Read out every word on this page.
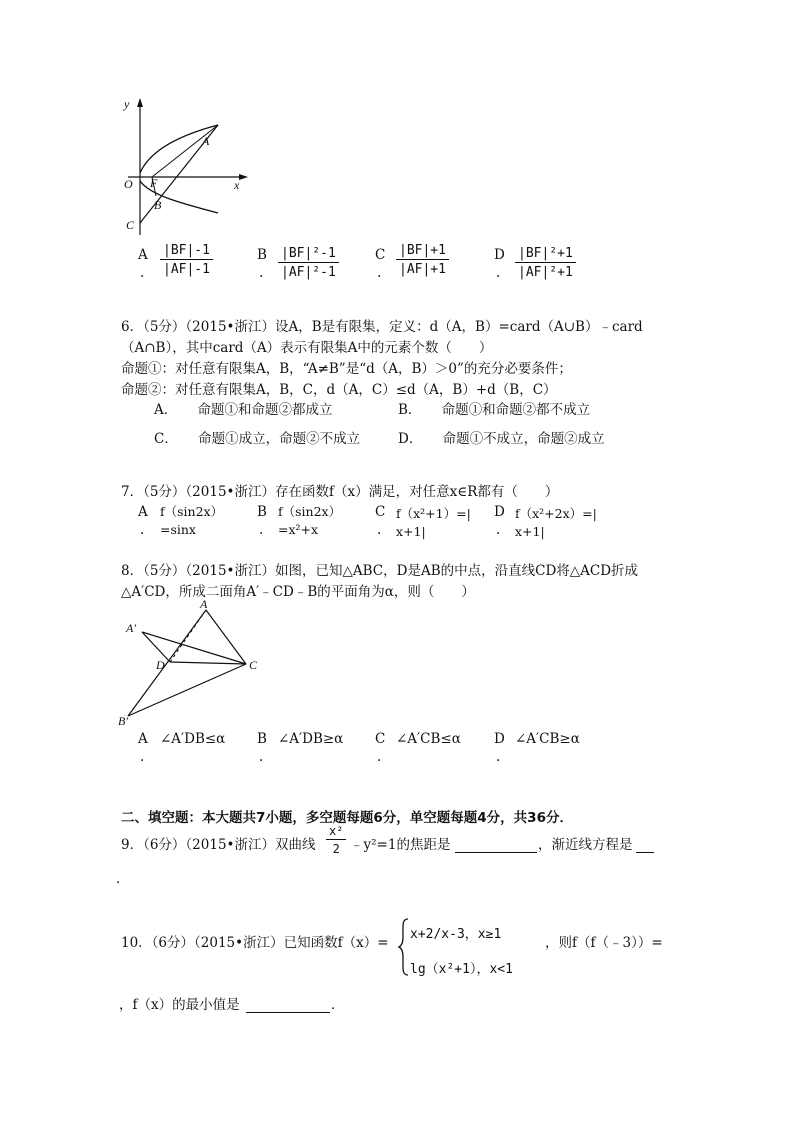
y
x
O F
A
B
C
A
. $\frac{|BF|-1}{|AF|-1}$	B
. $\frac{\text{|BF|²-1}}{\text{|AF|²-1}}$	C
. $\frac{|BF|+1}{|AF|+1}$	D
. $\frac{\text{|BF|²+1}}{\text{|AF|²+1}}$
6．（5分）（2015•浙江）设A，B是有限集，定义：d（A，B）=card（A∪B）﹣card
（A∩B），其中card（A）表示有限集A中的元素个数（　　）
命题①：对任意有限集A，B，“A≠B”是“d（A，B）＞0”的充分必要条件；
命题②：对任意有限集A，B，C，d（A，C）≤d（A，B）+d（B，C）
A．　　命题①和命题②都成立	B．　　命题①和命题②都不成立
C．　　命题①成立，命题②不成立	D．　　命题①不成立，命题②成立
7．（5分）（2015•浙江）存在函数f（x）满足，对任意x∈R都有（　　）
A
.
f（sin2x）
=sinx
B
.
f（sin2x）
=x²+x
C
.
f（x²+1）=|
x+1|
D
.
f（x²+2x）=|
x+1|
8．（5分）（2015•浙江）如图，已知△ABC，D是AB的中点，沿直线CD将△ACD折成
△A′CD，所成二面角A′﹣CD﹣B的平面角为α，则（　　）
A
A′
D	C
B′
A
.
∠A′DB≤α B
.
∠A′DB≥α C
.
∠A′CB≤α D
.
∠A′CB≥α
二、填空题：本大题共7小题，多空题每题6分，单空题每题4分，共36分．
9．（6分）（2015•浙江）双曲线 $\frac{\text{x²}}{2}$ ﹣y²=1的焦距是	，渐近线方程是
．
10．（6分）（2015•浙江）已知函数f（x）=
x+2/x-3，x≥1
lg（x²+1），x<1
，则f（f（﹣3））=
，f（x）的最小值是	．
